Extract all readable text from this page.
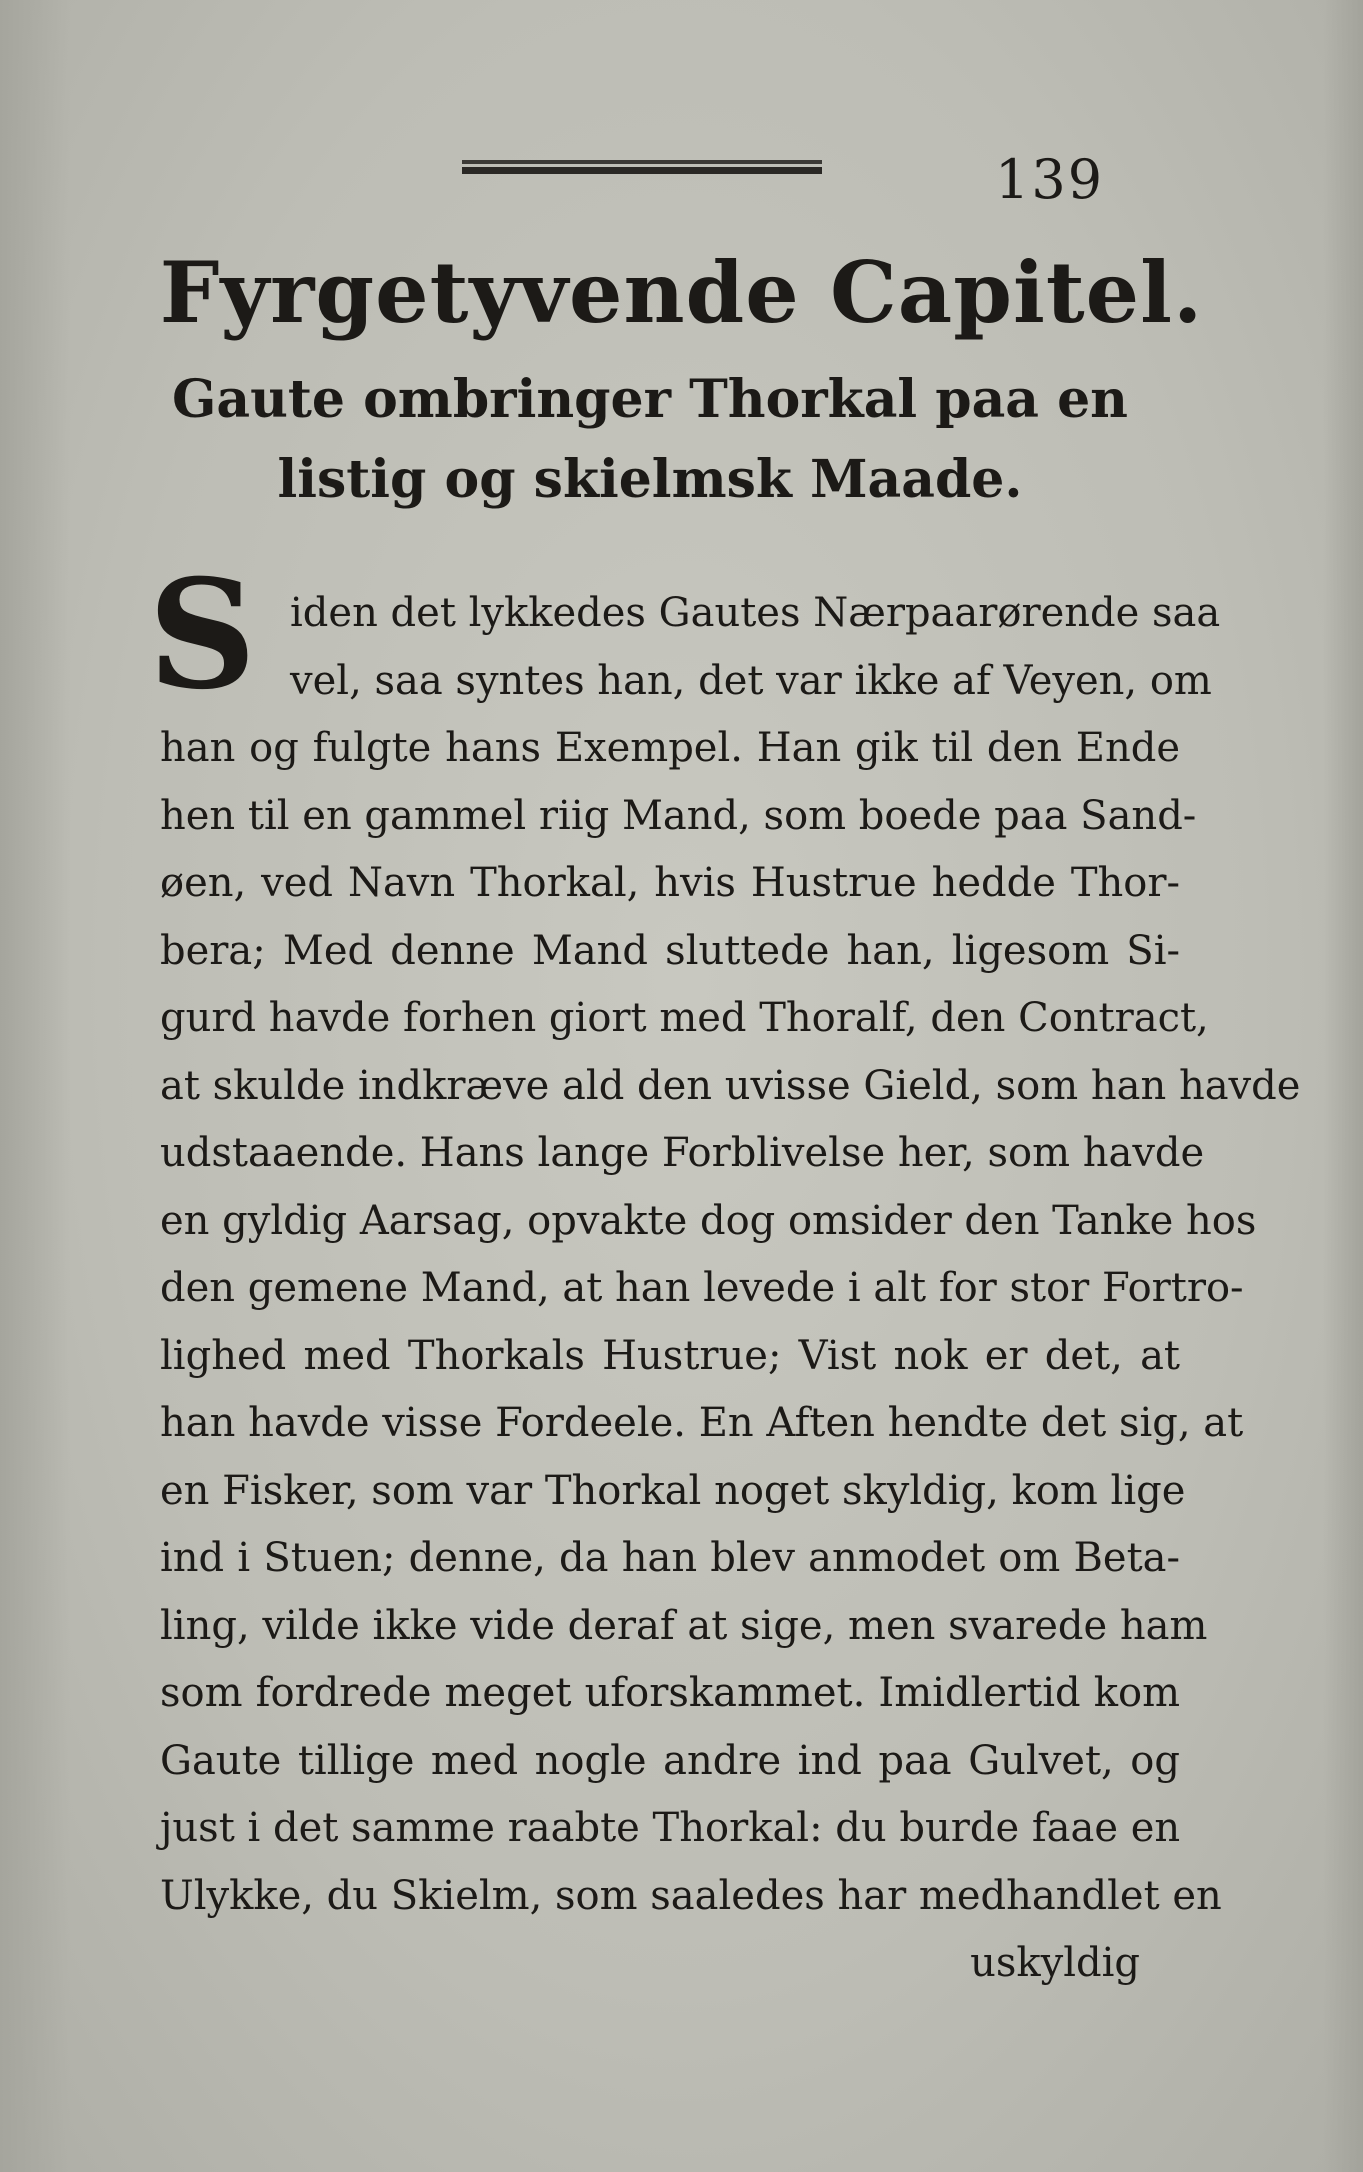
139
Fyrgetyvende Capitel.
Gaute ombringer Thorkal paa en listig og skielmsk Maade.
S iden det lykkedes Gautes Nærpaarørende saa
vel, saa syntes han, det var ikke af Veyen, om
han og fulgte hans Exempel. Han gik til den Ende
hen til en gammel riig Mand, som boede paa Sand-
øen, ved Navn Thorkal, hvis Hustrue hedde Thor-
bera; Med denne Mand sluttede han, ligesom Si-
gurd havde forhen giort med Thoralf, den Contract,
at skulde indkræve ald den uvisse Gield, som han havde
udstaaende. Hans lange Forblivelse her, som havde
en gyldig Aarsag, opvakte dog omsider den Tanke hos
den gemene Mand, at han levede i alt for stor Fortro-
lighed med Thorkals Hustrue; Vist nok er det, at
han havde visse Fordeele. En Aften hendte det sig, at
en Fisker, som var Thorkal noget skyldig, kom lige
ind i Stuen; denne, da han blev anmodet om Beta-
ling, vilde ikke vide deraf at sige, men svarede ham
som fordrede meget uforskammet. Imidlertid kom
Gaute tillige med nogle andre ind paa Gulvet, og
just i det samme raabte Thorkal: du burde faae en
Ulykke, du Skielm, som saaledes har medhandlet en
uskyldig
